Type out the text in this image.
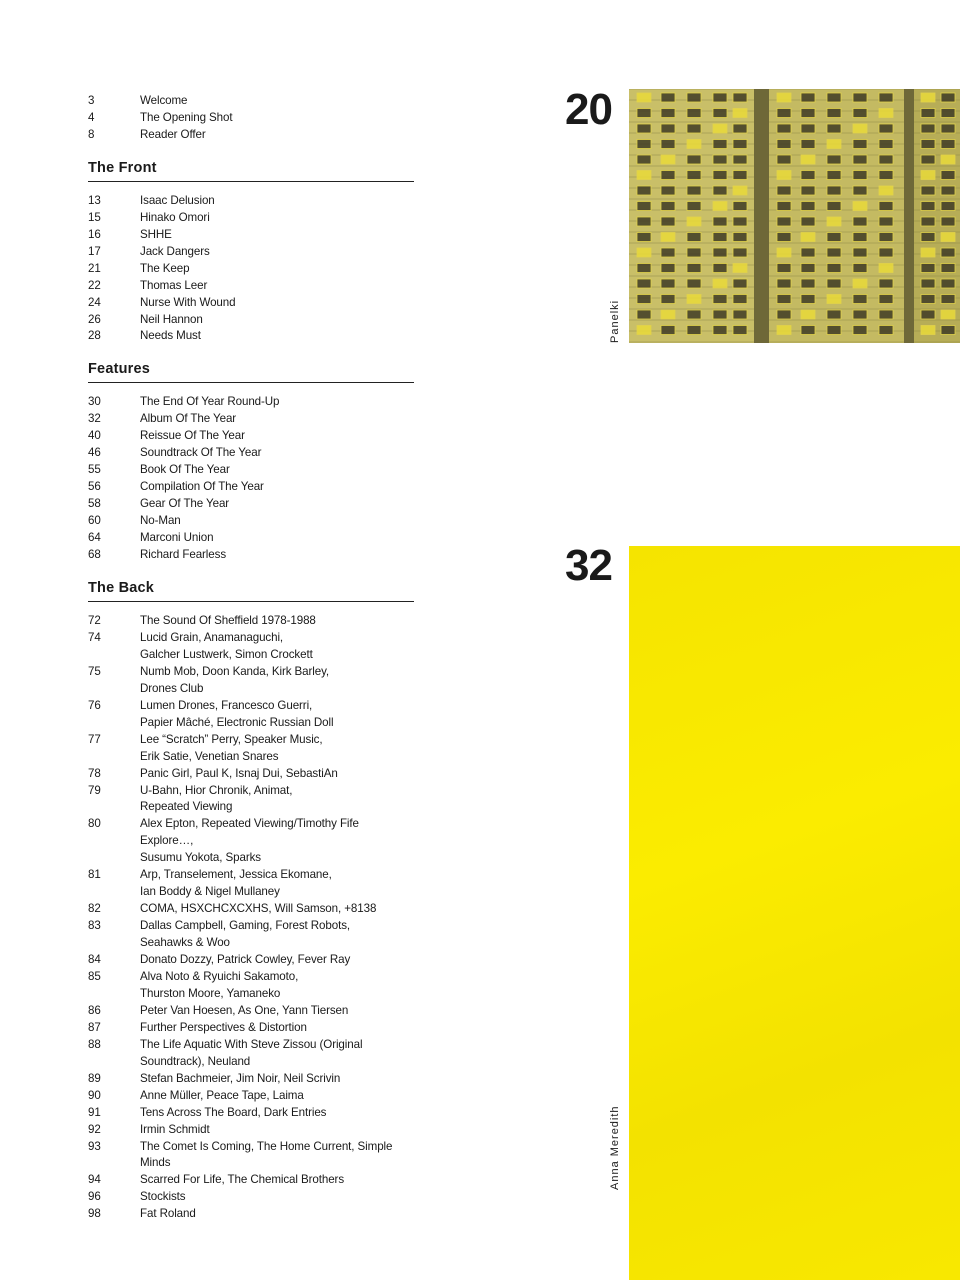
3	Welcome
4	The Opening Shot
8	Reader Offer
The Front
13	Isaac Delusion
15	Hinako Omori
16	SHHE
17	Jack Dangers
21	The Keep
22	Thomas Leer
24	Nurse With Wound
26	Neil Hannon
28	Needs Must
Features
30	The End Of Year Round-Up
32	Album Of The Year
40	Reissue Of The Year
46	Soundtrack Of The Year
55	Book Of The Year
56	Compilation Of The Year
58	Gear Of The Year
60	No-Man
64	Marconi Union
68	Richard Fearless
The Back
72	The Sound Of Sheffield 1978-1988
74	Lucid Grain, Anamanaguchi,
Galcher Lustwerk, Simon Crockett
75	Numb Mob, Doon Kanda, Kirk Barley,
Drones Club
76	Lumen Drones, Francesco Guerri,
Papier Mâché, Electronic Russian Doll
77	Lee “Scratch” Perry, Speaker Music,
Erik Satie, Venetian Snares
78	Panic Girl, Paul K, Isnaj Dui, SebastiAn
79	U-Bahn, Hior Chronik, Animat,
Repeated Viewing
80	Alex Epton, Repeated Viewing/Timothy Fife Explore…,
Susumu Yokota, Sparks
81	Arp, Transelement, Jessica Ekomane,
Ian Boddy & Nigel Mullaney
82	COMA, HSXCHCXCXHS, Will Samson, +8138
83	Dallas Campbell, Gaming, Forest Robots,
Seahawks & Woo
84	Donato Dozzy, Patrick Cowley, Fever Ray
85	Alva Noto & Ryuichi Sakamoto,
Thurston Moore, Yamaneko
86	Peter Van Hoesen, As One, Yann Tiersen
87	Further Perspectives & Distortion
88	The Life Aquatic With Steve Zissou (Original
Soundtrack), Neuland
89	Stefan Bachmeier, Jim Noir, Neil Scrivin
90	Anne Müller, Peace Tape, Laima
91	Tens Across The Board, Dark Entries
92	Irmin Schmidt
93	The Comet Is Coming, The Home Current, Simple Minds
94	Scarred For Life, The Chemical Brothers
96	Stockists
98	Fat Roland
20
Panelki
32
Anna Meredith
